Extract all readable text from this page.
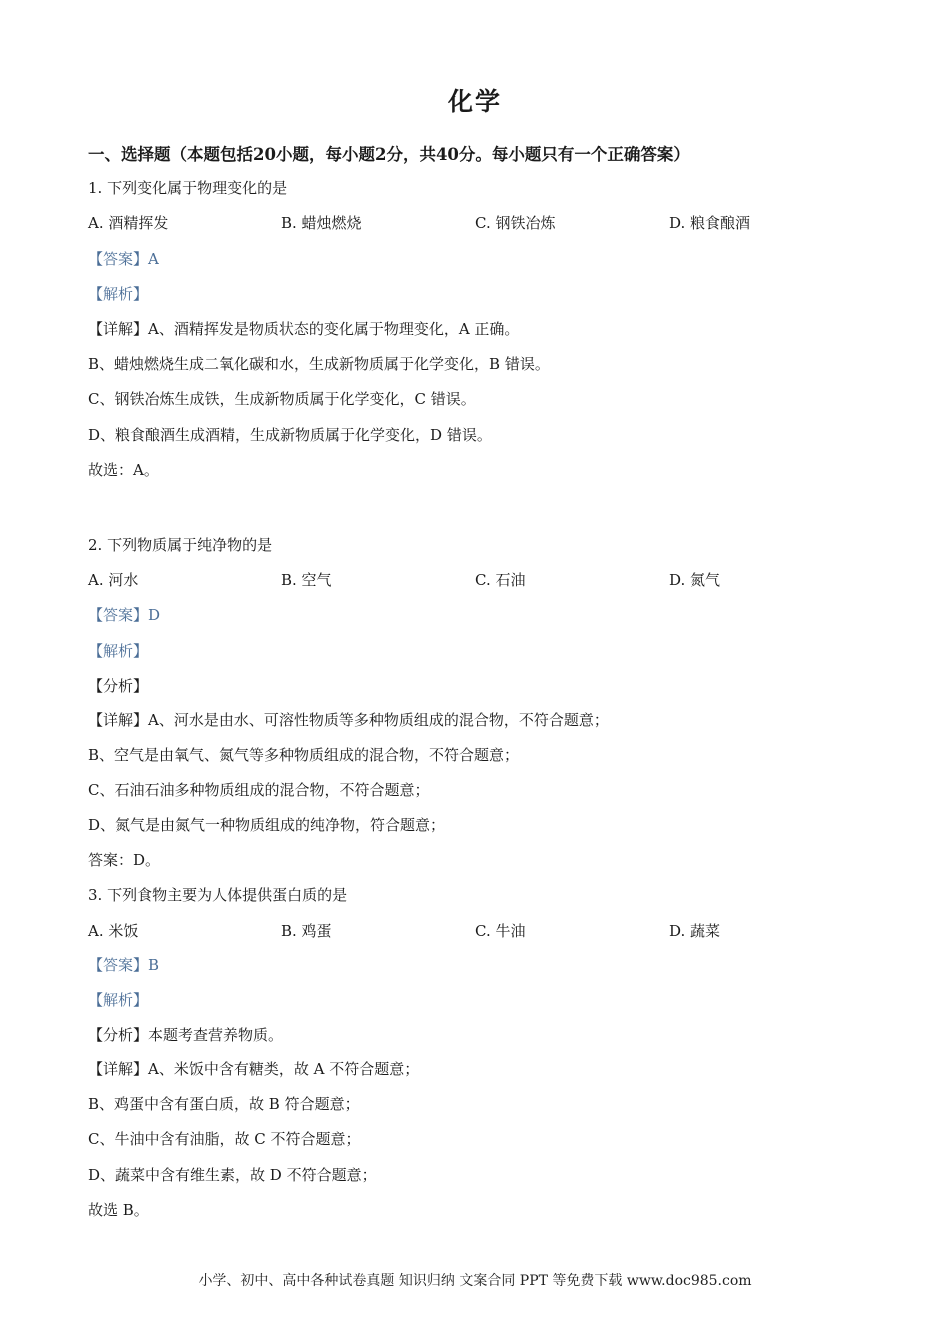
化学
一、选择题（本题包括20小题，每小题2分，共40分。每小题只有一个正确答案）
1. 下列变化属于物理变化的是
A. 酒精挥发	B. 蜡烛燃烧	C. 钢铁冶炼	D. 粮食酿酒
【答案】A
【解析】
【详解】A、酒精挥发是物质状态的变化属于物理变化，A 正确。
B、蜡烛燃烧生成二氧化碳和水，生成新物质属于化学变化，B 错误。
C、钢铁冶炼生成铁，生成新物质属于化学变化，C 错误。
D、粮食酿酒生成酒精，生成新物质属于化学变化，D 错误。
故选：A。
2. 下列物质属于纯净物的是
A. 河水	B. 空气	C. 石油	D. 氮气
【答案】D
【解析】
【分析】
【详解】A、河水是由水、可溶性物质等多种物质组成的混合物，不符合题意；
B、空气是由氧气、氮气等多种物质组成的混合物，不符合题意；
C、石油石油多种物质组成的混合物，不符合题意；
D、氮气是由氮气一种物质组成的纯净物，符合题意；
答案：D。
3. 下列食物主要为人体提供蛋白质的是
A. 米饭	B. 鸡蛋	C. 牛油	D. 蔬菜
【答案】B
【解析】
【分析】本题考查营养物质。
【详解】A、米饭中含有糖类，故 A 不符合题意；
B、鸡蛋中含有蛋白质，故 B 符合题意；
C、牛油中含有油脂，故 C 不符合题意；
D、蔬菜中含有维生素，故 D 不符合题意；
故选 B。
小学、初中、高中各种试卷真题 知识归纳 文案合同 PPT 等免费下载 www.doc985.com
